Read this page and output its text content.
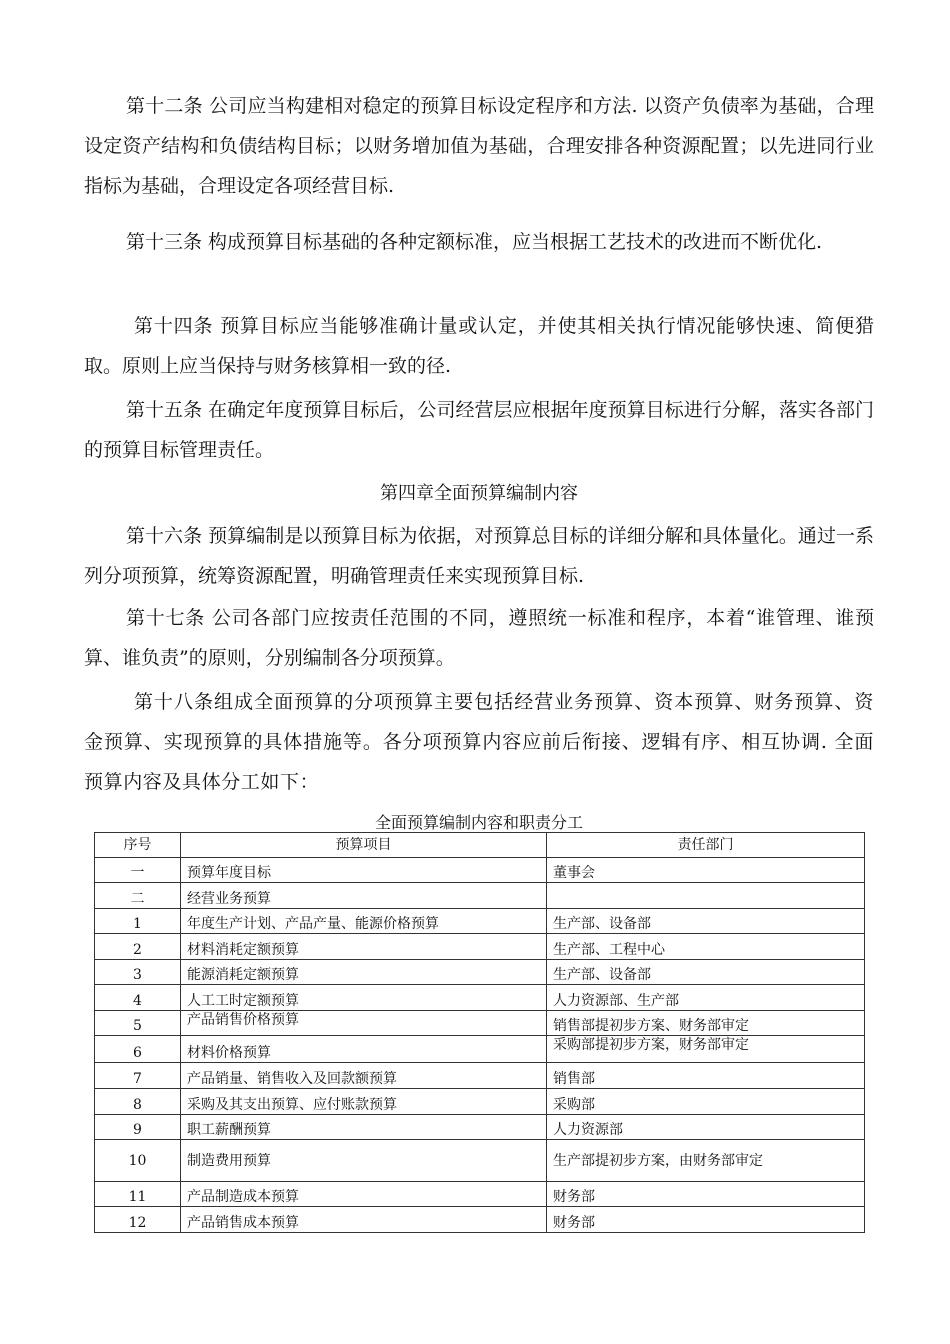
第十二条 公司应当构建相对稳定的预算目标设定程序和方法. 以资产负债率为基础，合理设定资产结构和负债结构目标；以财务增加值为基础，合理安排各种资源配置；以先进同行业指标为基础，合理设定各项经营目标.

第十三条 构成预算目标基础的各种定额标准，应当根据工艺技术的改进而不断优化.

第十四条 预算目标应当能够准确计量或认定，并使其相关执行情况能够快速、简便猎取。原则上应当保持与财务核算相一致的径.

第十五条 在确定年度预算目标后，公司经营层应根据年度预算目标进行分解，落实各部门的预算目标管理责任。

第四章全面预算编制内容

第十六条 预算编制是以预算目标为依据，对预算总目标的详细分解和具体量化。通过一系列分项预算，统筹资源配置，明确管理责任来实现预算目标.

第十七条 公司各部门应按责任范围的不同，遵照统一标准和程序，本着“谁管理、谁预算、谁负责”的原则，分别编制各分项预算。

第十八条组成全面预算的分项预算主要包括经营业务预算、资本预算、财务预算、资金预算、实现预算的具体措施等。各分项预算内容应前后衔接、逻辑有序、相互协调. 全面预算内容及具体分工如下：

全面预算编制内容和职责分工
序号	预算项目	责任部门
一	预算年度目标	董事会
二	经营业务预算	
1	年度生产计划、产品产量、能源价格预算	生产部、设备部
2	材料消耗定额预算	生产部、工程中心
3	能源消耗定额预算	生产部、设备部
4	人工工时定额预算	人力资源部、生产部
5	产品销售价格预算	销售部提初步方案、财务部审定
6	材料价格预算	采购部提初步方案，财务部审定
7	产品销量、销售收入及回款额预算	销售部
8	采购及其支出预算、应付账款预算	采购部
9	职工薪酬预算	人力资源部
10	制造费用预算	生产部提初步方案，由财务部审定
11	产品制造成本预算	财务部
12	产品销售成本预算	财务部
